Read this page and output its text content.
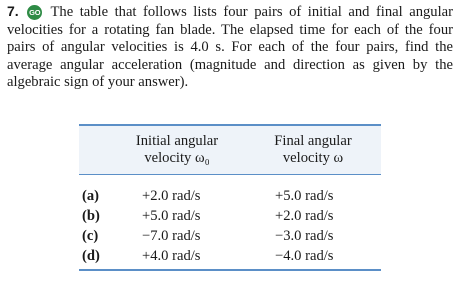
7. GO The table that follows lists four pairs of initial and final angular velocities for a rotating fan blade. The elapsed time for each of the four pairs of angular velocities is 4.0 s. For each of the four pairs, find the average angular acceleration (magnitude and direction as given by the algebraic sign of your answer).
Initial angular
velocity ω₀
Final angular
velocity ω
(a)	+2.0 rad/s	+5.0 rad/s
(b)	+5.0 rad/s	+2.0 rad/s
(c)	−7.0 rad/s	−3.0 rad/s
(d)	+4.0 rad/s	−4.0 rad/s
